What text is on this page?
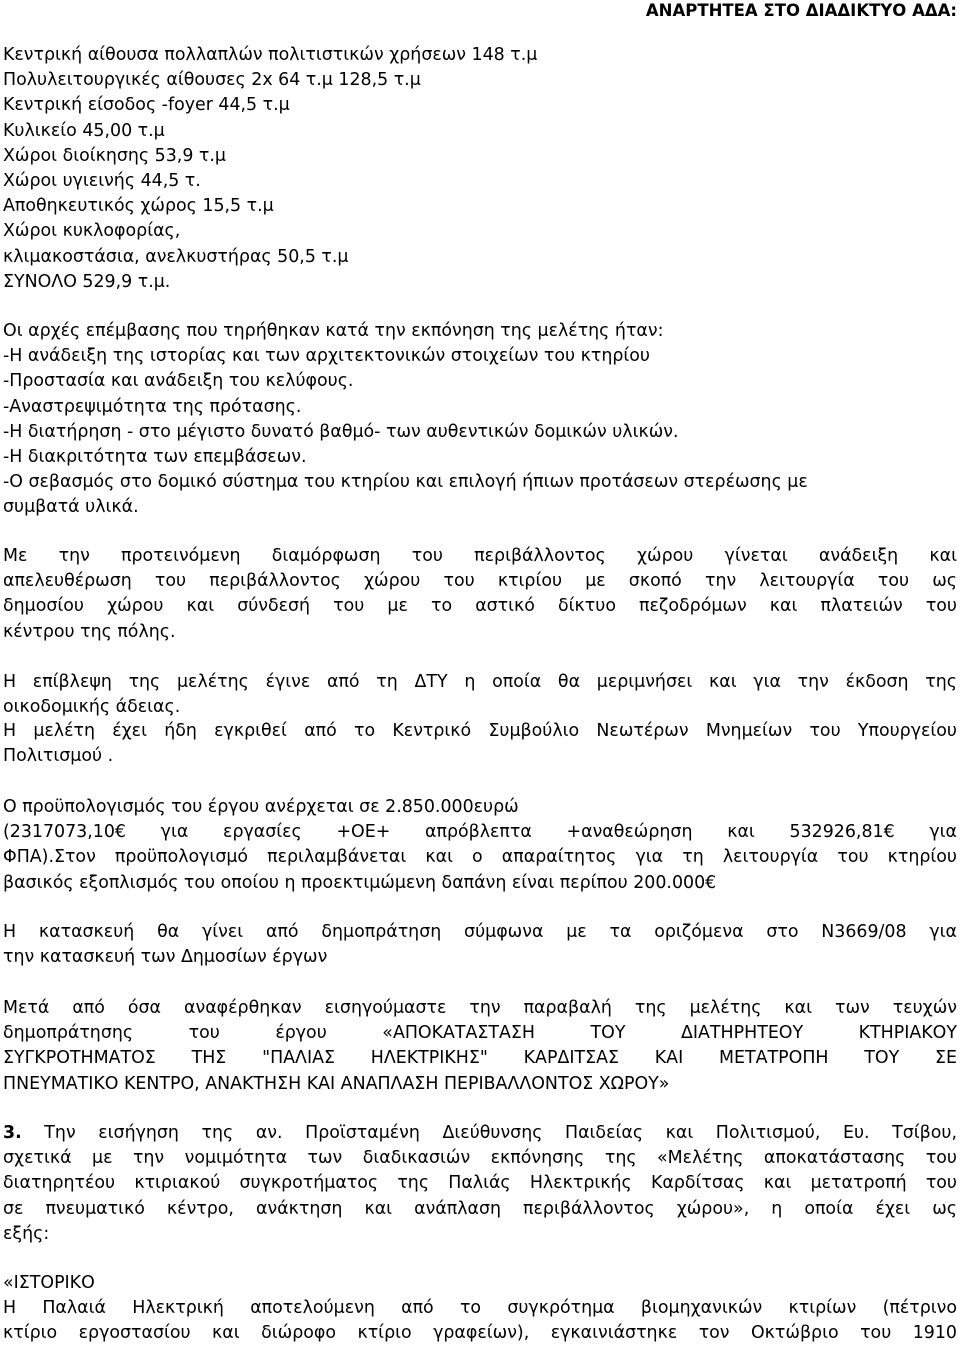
ΑΝΑΡΤΗΤΕΑ ΣΤΟ ΔΙΑΔΙΚΤΥΟ ΑΔΑ:
Κεντρική αίθουσα πολλαπλών πολιτιστικών χρήσεων 148 τ.μ
Πολυλειτουργικές αίθουσες 2x 64 τ.μ 128,5 τ.μ
Κεντρική είσοδος -foyer 44,5 τ.μ
Κυλικείο 45,00 τ.μ
Χώροι διοίκησης 53,9 τ.μ
Χώροι υγιεινής 44,5 τ.
Αποθηκευτικός χώρος 15,5 τ.μ
Χώροι κυκλοφορίας,
κλιμακοστάσια, ανελκυστήρας 50,5 τ.μ
ΣΥΝΟΛΟ 529,9 τ.μ.
Οι αρχές επέμβασης που τηρήθηκαν κατά την εκπόνηση της μελέτης ήταν:
-Η ανάδειξη της ιστορίας και των αρχιτεκτονικών στοιχείων του κτηρίου
-Προστασία και ανάδειξη του κελύφους.
-Αναστρεψιμότητα της πρότασης.
-Η διατήρηση - στο μέγιστο δυνατό βαθμό- των αυθεντικών δομικών υλικών.
-Η διακριτότητα των επεμβάσεων.
-Ο σεβασμός στο δομικό σύστημα του κτηρίου και επιλογή ήπιων προτάσεων στερέωσης με
συμβατά υλικά.
Με την προτεινόμενη διαμόρφωση του περιβάλλοντος χώρου γίνεται ανάδειξη και
απελευθέρωση του περιβάλλοντος χώρου του κτιρίου με σκοπό την λειτουργία του ως
δημοσίου χώρου και σύνδεσή του με το αστικό δίκτυο πεζοδρόμων και πλατειών του
κέντρου της πόλης.
Η επίβλεψη της μελέτης έγινε από τη ΔΤΥ η οποία θα μεριμνήσει και για την έκδοση της
οικοδομικής άδειας.
Η μελέτη έχει ήδη εγκριθεί από το Κεντρικό Συμβούλιο Νεωτέρων Μνημείων του Υπουργείου
Πολιτισμού .
Ο προϋπολογισμός του έργου ανέρχεται σε 2.850.000ευρώ
(2317073,10€ για εργασίες +ΟΕ+ απρόβλεπτα +αναθεώρηση και 532926,81€ για
ΦΠΑ).Στον προϋπολογισμό περιλαμβάνεται και ο απαραίτητος για τη λειτουργία του κτηρίου
βασικός εξοπλισμός του οποίου η προεκτιμώμενη δαπάνη είναι περίπου 200.000€
Η κατασκευή θα γίνει από δημοπράτηση σύμφωνα με τα οριζόμενα στο Ν3669/08 για
την κατασκευή των Δημοσίων έργων
Μετά από όσα αναφέρθηκαν εισηγούμαστε την παραβαλή της μελέτης και των τευχών
δημοπράτησης του έργου «ΑΠΟΚΑΤΑΣΤΑΣΗ ΤΟΥ ΔΙΑΤΗΡΗΤΕΟΥ ΚΤΗΡΙΑΚΟΥ
ΣΥΓΚΡΟΤΗΜΑΤΟΣ ΤΗΣ "ΠΑΛΙΑΣ ΗΛΕΚΤΡΙΚΗΣ" ΚΑΡΔΙΤΣΑΣ ΚΑΙ ΜΕΤΑΤΡΟΠΗ ΤΟΥ ΣΕ
ΠΝΕΥΜΑΤΙΚΟ ΚΕΝΤΡΟ, ΑΝΑΚΤΗΣΗ ΚΑΙ ΑΝΑΠΛΑΣΗ ΠΕΡΙΒΑΛΛΟΝΤΟΣ ΧΩΡΟΥ»
3. Την εισήγηση της αν. Προϊσταμένη Διεύθυνσης Παιδείας και Πολιτισμού, Ευ. Τσίβου,
σχετικά με την νομιμότητα των διαδικασιών εκπόνησης της «Μελέτης αποκατάστασης του
διατηρητέου κτιριακού συγκροτήματος της Παλιάς Ηλεκτρικής Καρδίτσας και μετατροπή του
σε πνευματικό κέντρο, ανάκτηση και ανάπλαση περιβάλλοντος χώρου», η οποία έχει ως
εξής:
«ΙΣΤΟΡΙΚΟ
Η Παλαιά Ηλεκτρική αποτελούμενη από το συγκρότημα βιομηχανικών κτιρίων (πέτρινο
κτίριο εργοστασίου και διώροφο κτίριο γραφείων), εγκαινιάστηκε τον Οκτώβριο του 1910
